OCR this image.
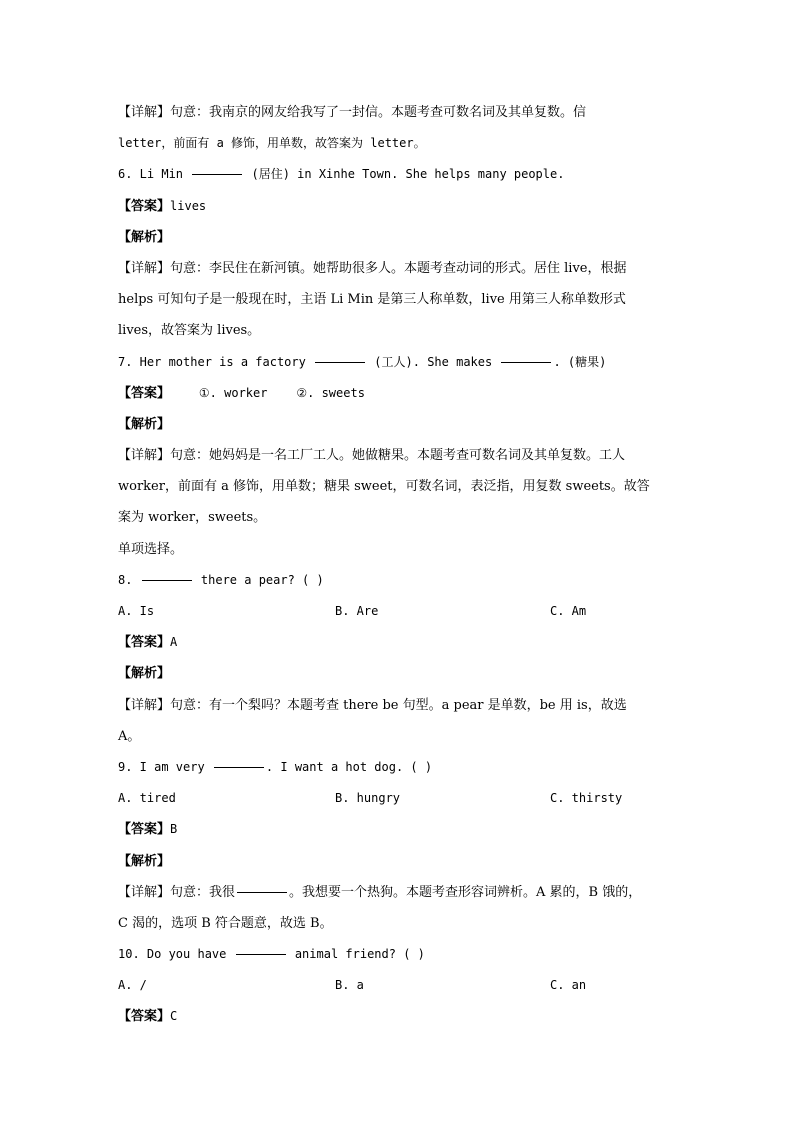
【详解】句意：我南京的网友给我写了一封信。本题考查可数名词及其单复数。信
letter，前面有 a 修饰，用单数，故答案为 letter。
6. Li Min	(居住) in Xinhe Town. She helps many people.
【答案】lives
【解析】
【详解】句意：李民住在新河镇。她帮助很多人。本题考查动词的形式。居住 live，根据
helps 可知句子是一般现在时，主语 Li Min 是第三人称单数，live 用第三人称单数形式
lives，故答案为 lives。
7. Her mother is a factory	(工人). She makes	. (糖果)
【答案】    ①. worker    ②. sweets
【解析】
【详解】句意：她妈妈是一名工厂工人。她做糖果。本题考查可数名词及其单复数。工人
worker，前面有 a 修饰，用单数；糖果 sweet，可数名词，表泛指，用复数 sweets。故答
案为 worker，sweets。
单项选择。
8.	there a pear? ( )
A. Is	B. Are	C. Am
【答案】A
【解析】
【详解】句意：有一个梨吗？本题考查 there be 句型。a pear 是单数，be 用 is，故选
A。
9. I am very	. I want a hot dog. ( )
A. tired	B. hungry	C. thirsty
【答案】B
【解析】
【详解】句意：我很	。我想要一个热狗。本题考查形容词辨析。A 累的，B 饿的，
C 渴的，选项 B 符合题意，故选 B。
10. Do you have	animal friend? ( )
A. /	B. a	C. an
【答案】C
